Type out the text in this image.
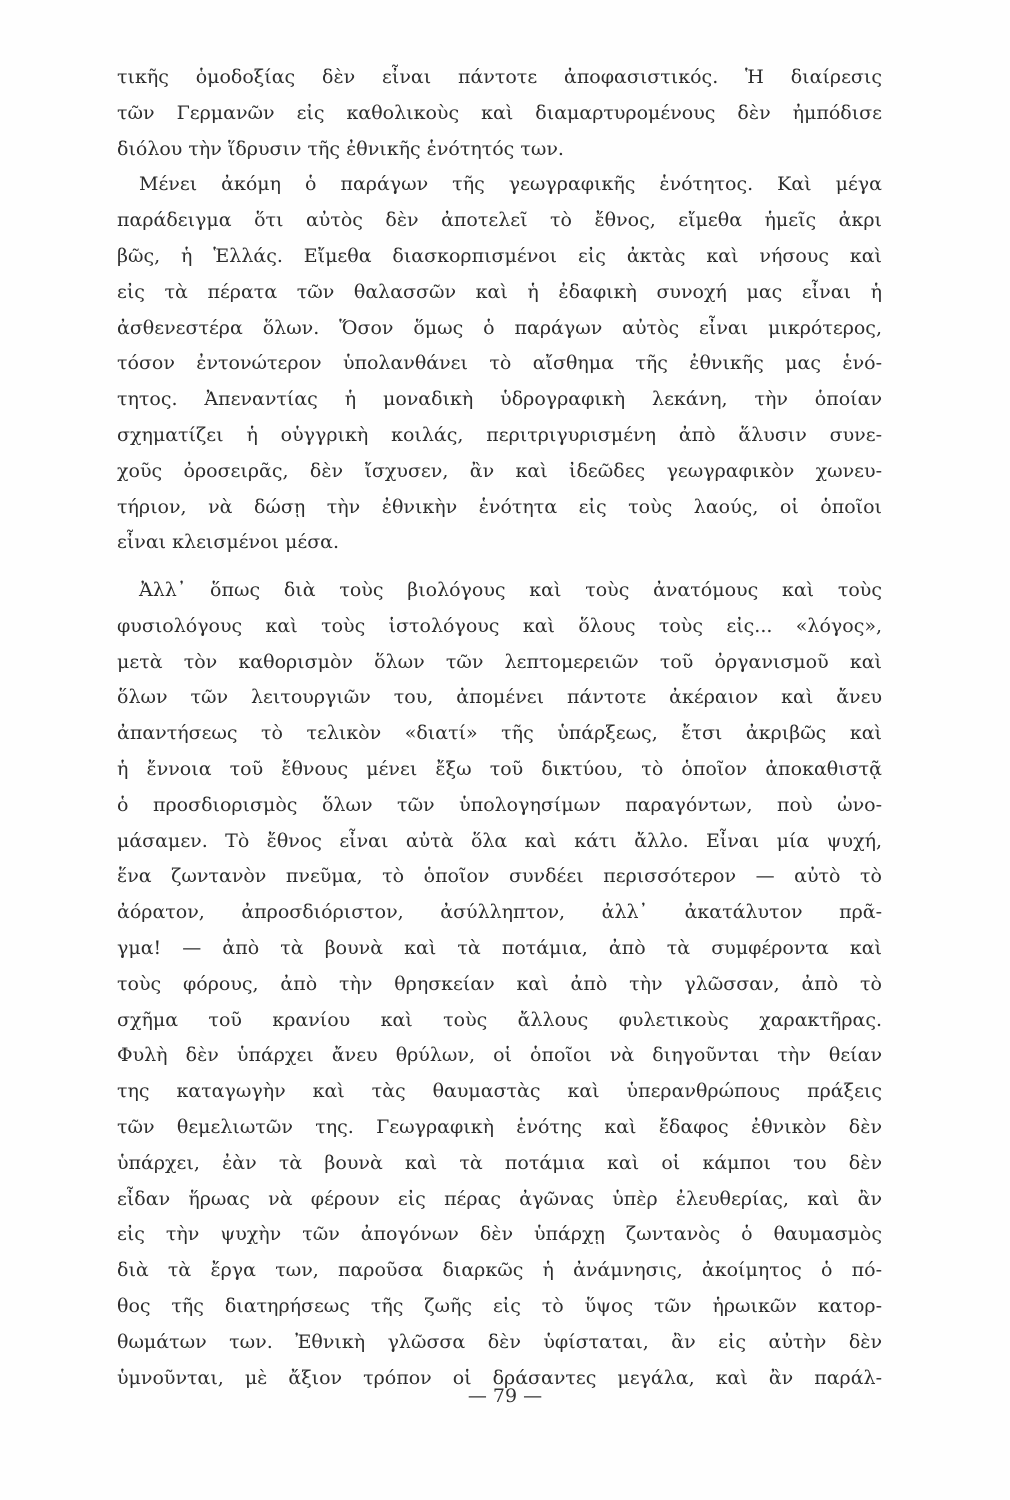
τικῆς ὁμοδοξίας δὲν εἶναι πάντοτε ἀποφασιστικός. Ἡ διαίρεσις
τῶν Γερμανῶν εἰς καθολικοὺς καὶ διαμαρτυρομένους δὲν ἠμπόδισε
διόλου τὴν ἵδρυσιν τῆς ἐθνικῆς ἑνότητός των.
Μένει ἀκόμη ὁ παράγων τῆς γεωγραφικῆς ἑνότητος. Καὶ μέγα
παράδειγμα ὅτι αὐτὸς δὲν ἀποτελεῖ τὸ ἔθνος, εἴμεθα ἡμεῖς ἀκρι
βῶς, ἡ Ἑλλάς. Εἴμεθα διασκορπισμένοι εἰς ἀκτὰς καὶ νήσους καὶ
εἰς τὰ πέρατα τῶν θαλασσῶν καὶ ἡ ἐδαφικὴ συνοχή μας εἶναι ἡ
ἀσθενεστέρα ὅλων. Ὅσον ὅμως ὁ παράγων αὐτὸς εἶναι μικρότερος,
τόσον ἐντονώτερον ὑπολανθάνει τὸ αἴσθημα τῆς ἐθνικῆς μας ἑνό-
τητος. Ἀπεναντίας ἡ μοναδικὴ ὑδρογραφικὴ λεκάνη, τὴν ὁποίαν
σχηματίζει ἡ οὑγγρικὴ κοιλάς, περιτριγυρισμένη ἀπὸ ἅλυσιν συνε-
χοῦς ὀροσειρᾶς, δὲν ἴσχυσεν, ἂν καὶ ἰδεῶδες γεωγραφικὸν χωνευ-
τήριον, νὰ δώσῃ τὴν ἐθνικὴν ἑνότητα εἰς τοὺς λαούς, οἱ ὁποῖοι
εἶναι κλεισμένοι μέσα.
Ἀλλ᾽ ὅπως διὰ τοὺς βιολόγους καὶ τοὺς ἀνατόμους καὶ τοὺς
φυσιολόγους καὶ τοὺς ἱστολόγους καὶ ὅλους τοὺς εἰς... «λόγος»,
μετὰ τὸν καθορισμὸν ὅλων τῶν λεπτομερειῶν τοῦ ὀργανισμοῦ καὶ
ὅλων τῶν λειτουργιῶν του, ἀπομένει πάντοτε ἀκέραιον καὶ ἄνευ
ἀπαντήσεως τὸ τελικὸν «διατί» τῆς ὑπάρξεως, ἔτσι ἀκριβῶς καὶ
ἡ ἔννοια τοῦ ἔθνους μένει ἔξω τοῦ δικτύου, τὸ ὁποῖον ἀποκαθιστᾷ
ὁ προσδιορισμὸς ὅλων τῶν ὑπολογησίμων παραγόντων, ποὺ ὠνο-
μάσαμεν. Τὸ ἔθνος εἶναι αὐτὰ ὅλα καὶ κάτι ἄλλο. Εἶναι μία ψυχή,
ἕνα ζωντανὸν πνεῦμα, τὸ ὁποῖον συνδέει περισσότερον — αὐτὸ τὸ
ἀόρατον, ἀπροσδιόριστον, ἀσύλληπτον, ἀλλ᾽ ἀκατάλυτον πρᾶ-
γμα! — ἀπὸ τὰ βουνὰ καὶ τὰ ποτάμια, ἀπὸ τὰ συμφέροντα καὶ
τοὺς φόρους, ἀπὸ τὴν θρησκείαν καὶ ἀπὸ τὴν γλῶσσαν, ἀπὸ τὸ
σχῆμα τοῦ κρανίου καὶ τοὺς ἄλλους φυλετικοὺς χαρακτῆρας.
Φυλὴ δὲν ὑπάρχει ἄνευ θρύλων, οἱ ὁποῖοι νὰ διηγοῦνται τὴν θείαν
της καταγωγὴν καὶ τὰς θαυμαστὰς καὶ ὑπερανθρώπους πράξεις
τῶν θεμελιωτῶν της. Γεωγραφικὴ ἑνότης καὶ ἔδαφος ἐθνικὸν δὲν
ὑπάρχει, ἐὰν τὰ βουνὰ καὶ τὰ ποτάμια καὶ οἱ κάμποι του δὲν
εἶδαν ἥρωας νὰ φέρουν εἰς πέρας ἀγῶνας ὑπὲρ ἐλευθερίας, καὶ ἂν
εἰς τὴν ψυχὴν τῶν ἀπογόνων δὲν ὑπάρχῃ ζωντανὸς ὁ θαυμασμὸς
διὰ τὰ ἔργα των, παροῦσα διαρκῶς ἡ ἀνάμνησις, ἀκοίμητος ὁ πό-
θος τῆς διατηρήσεως τῆς ζωῆς εἰς τὸ ὕψος τῶν ἡρωικῶν κατορ-
θωμάτων των. Ἐθνικὴ γλῶσσα δὲν ὑφίσταται, ἂν εἰς αὐτὴν δὲν
ὑμνοῦνται, μὲ ἄξιον τρόπον οἱ δράσαντες μεγάλα, καὶ ἂν παράλ-
— 79 —
